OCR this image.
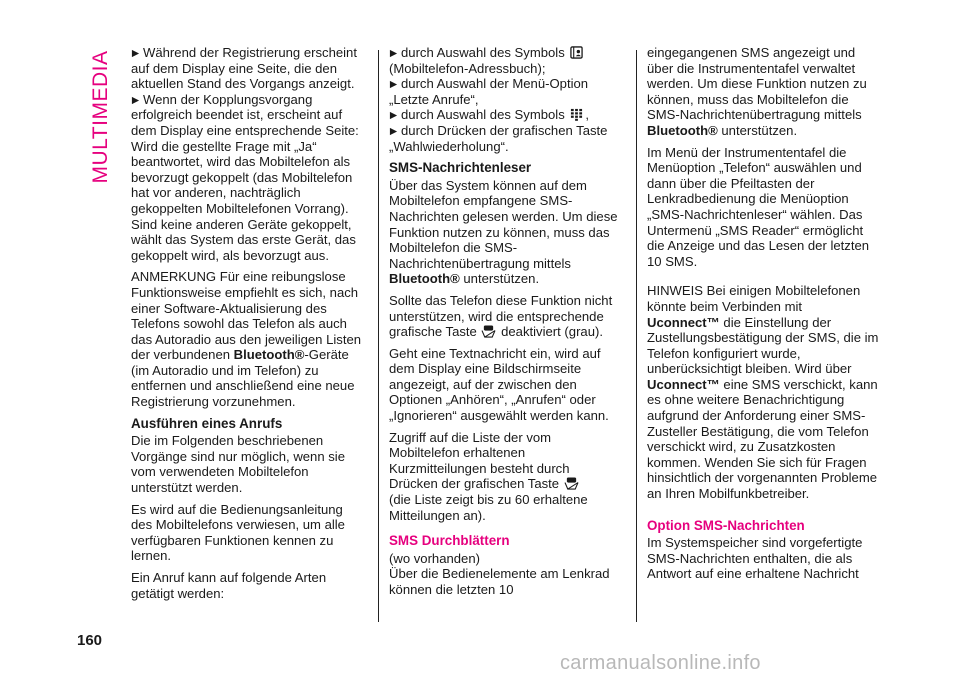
MULTIMEDIA	Während der Registrierung erscheint auf dem Display eine Seite, die den aktuellen Stand des Vorgangs anzeigt.

Wenn der Kopplungsvorgang erfolgreich beendet ist, erscheint auf dem Display eine entsprechende Seite: Wird die gestellte Frage mit „Ja“ beantwortet, wird das Mobiltelefon als bevorzugt gekoppelt (das Mobiltelefon hat vor anderen, nachträglich gekoppelten Mobiltelefonen Vorrang). Sind keine anderen Geräte gekoppelt, wählt das System das erste Gerät, das gekoppelt wird, als bevorzugt aus.

ANMERKUNG Für eine reibungslose Funktionsweise empfiehlt es sich, nach einer Software-Aktualisierung des Telefons sowohl das Telefon als auch das Autoradio aus den jeweiligen Listen der verbundenen Bluetooth®-Geräte (im Autoradio und im Telefon) zu entfernen und anschließend eine neue Registrierung vorzunehmen.

Ausführen eines Anrufs

Die im Folgenden beschriebenen Vorgänge sind nur möglich, wenn sie vom verwendeten Mobiltelefon unterstützt werden.

Es wird auf die Bedienungsanleitung des Mobiltelefons verwiesen, um alle verfügbaren Funktionen kennen zu lernen.

Ein Anruf kann auf folgende Arten getätigt werden:

durch Auswahl des Symbols
(Mobiltelefon-Adressbuch);

durch Auswahl der Menü-Option „Letzte Anrufe“,

durch Auswahl des Symbols ,

durch Drücken der grafischen Taste „Wahlwiederholung“.

SMS-Nachrichtenleser

Über das System können auf dem Mobiltelefon empfangene SMS-Nachrichten gelesen werden. Um diese Funktion nutzen zu können, muss das Mobiltelefon die SMS-Nachrichtenübertragung mittels
Bluetooth® unterstützen.

Sollte das Telefon diese Funktion nicht unterstützen, wird die entsprechende grafische Taste deaktiviert (grau).

Geht eine Textnachricht ein, wird auf dem Display eine Bildschirmseite angezeigt, auf der zwischen den Optionen „Anhören“, „Anrufen“ oder „Ignorieren“ ausgewählt werden kann.

Zugriff auf die Liste der vom Mobiltelefon erhaltenen Kurzmitteilungen besteht durch

Drücken der grafischen Taste
(die Liste zeigt bis zu 60 erhaltene Mitteilungen an).

SMS Durchblättern

(wo vorhanden)

Über die Bedienelemente am Lenkrad können die letzten 10

eingegangenen SMS angezeigt und über die Instrumententafel verwaltet werden. Um diese Funktion nutzen zu können, muss das Mobiltelefon die SMS-Nachrichtenübertragung mittels
Bluetooth® unterstützen.

Im Menü der Instrumententafel die Menüoption „Telefon“ auswählen und dann über die Pfeiltasten der Lenkradbedienung die Menüoption „SMS-Nachrichtenleser“ wählen. Das Untermenü „SMS Reader“ ermöglicht die Anzeige und das Lesen der letzten 10 SMS.

HINWEIS Bei einigen Mobiltelefonen könnte beim Verbinden mit
Uconnect™ die Einstellung der Zustellungsbestätigung der SMS, die im Telefon konfiguriert wurde, unberücksichtigt bleiben. Wird über
Uconnect™ eine SMS verschickt, kann es ohne weitere Benachrichtigung aufgrund der Anforderung einer SMS-Zusteller Bestätigung, die vom Telefon verschickt wird, zu Zusatzkosten kommen. Wenden Sie sich für Fragen hinsichtlich der vorgenannten Probleme an Ihren Mobilfunkbetreiber.

Option SMS-Nachrichten

Im Systemspeicher sind vorgefertigte SMS-Nachrichten enthalten, die als Antwort auf eine erhaltene Nachricht

160
carmanualsonline.info
